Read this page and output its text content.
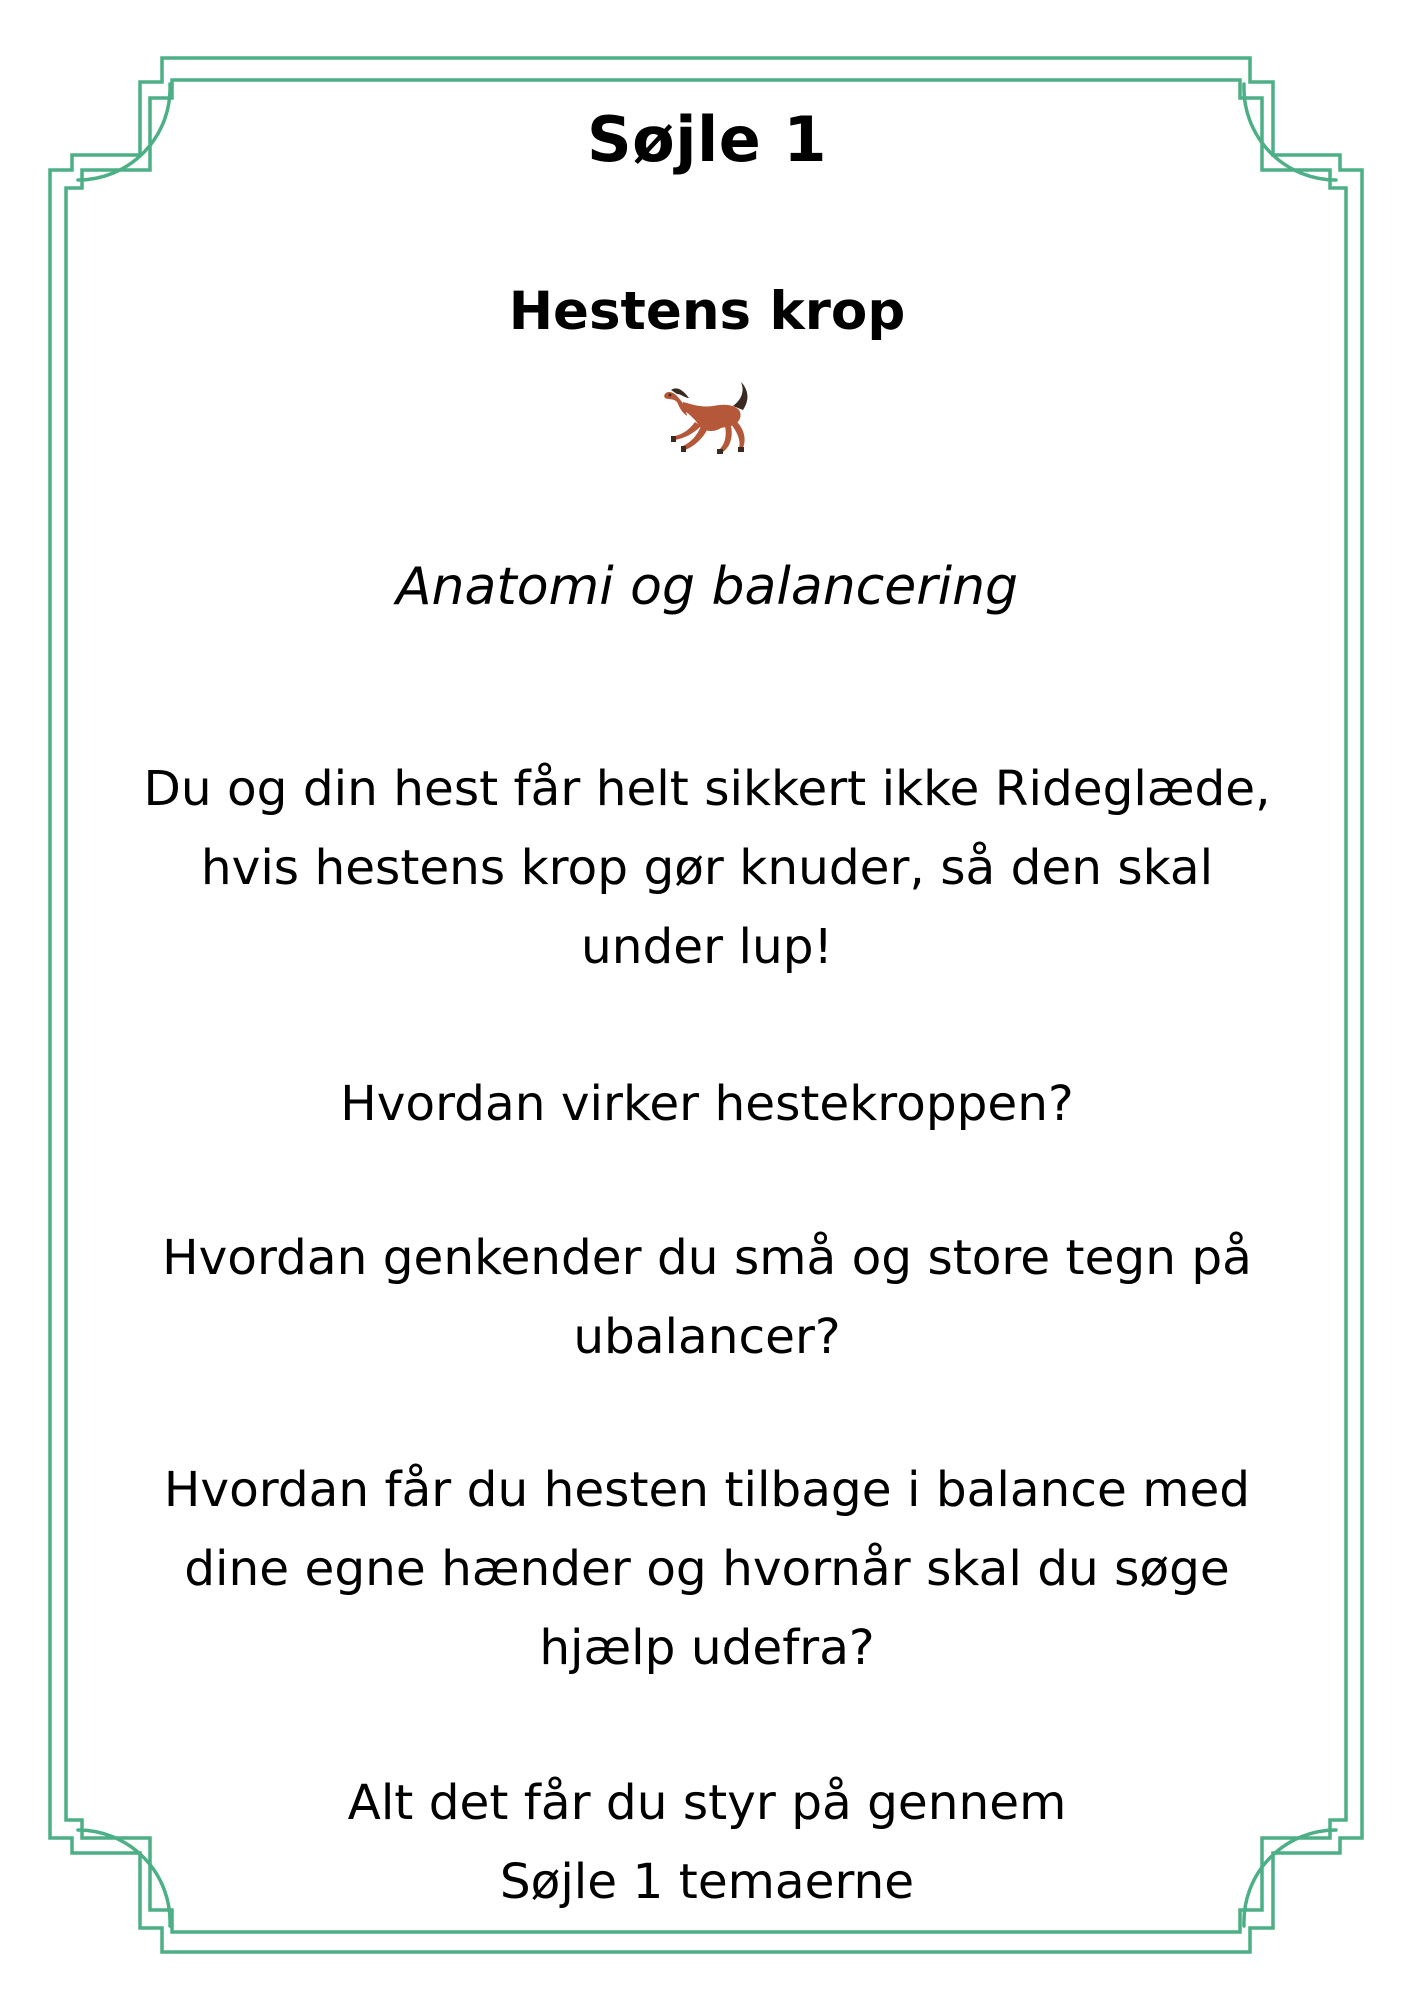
Søjle 1
Hestens krop
Anatomi og balancering
Du og din hest får helt sikkert ikke Rideglæde,
hvis hestens krop gør knuder, så den skal
under lup!
Hvordan virker hestekroppen?
Hvordan genkender du små og store tegn på
ubalancer?
Hvordan får du hesten tilbage i balance med
dine egne hænder og hvornår skal du søge
hjælp udefra?
Alt det får du styr på gennem
Søjle 1 temaerne
